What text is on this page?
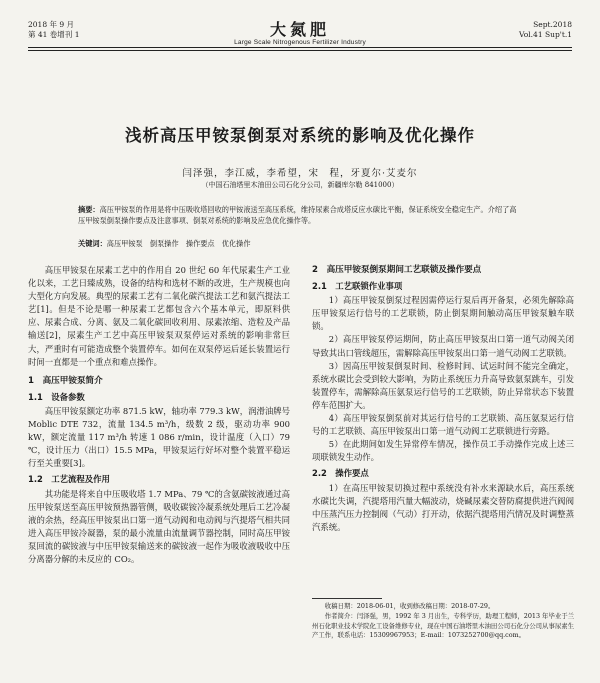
2018 年 9 月
第 41 卷增刊 1	大氮肥
Large Scale Nitrogenous Fertilizer Industry
Sept.2018
Vol.41 Sup't.1
浅析高压甲铵泵倒泵对系统的影响及优化操作
闫泽强，李江威，李希望，宋　程，牙夏尔·艾麦尔
（中国石油塔里木油田公司石化分公司，新疆库尔勒 841000）
摘要：高压甲铵泵的作用是将中压吸收塔回收的甲铵液送至高压系统，维持尿素合成塔反应水碳比平衡，保证系统安全稳定生产。介绍了高压甲铵泵倒泵操作要点及注意事项、倒泵对系统的影响及应急优化操作等。
关键词：高压甲铵泵　倒泵操作　操作要点　优化操作

高压甲铵泵在尿素工艺中的作用自 20 世纪 60 年代尿素生产工业化以来，工艺日臻成熟，设备的结构和选材不断的改进，生产规模也向大型化方向发展。典型的尿素工艺有二氧化碳汽提法工艺和氨汽提法工艺[1]。但是不论是哪一种尿素工艺都包含六个基本单元，即原料供应、尿素合成、分离、氨及二氧化碳回收利用、尿素浓缩、造粒及产品输送[2]，尿素生产工艺中高压甲铵泵双泵停运对系统的影响非常巨大，严重时有可能造成整个装置停车。如何在双泵停运后延长装置运行时间一直都是一个重点和难点操作。

1　高压甲铵泵简介
1.1　设备参数

高压甲铵泵额定功率 871.5 kW，轴功率 779.3 kW，润滑油牌号 Moblic DTE 732，流量 134.5 m³/h，级数 2 级，驱动功率 900 kW，额定流量 117 m³/h 转速 1 086 r/min，设计温度（入口）79 ℃，设计压力（出口）15.5 MPa，甲铵泵运行好坏对整个装置平稳运行至关重要[3]。

1.2　工艺流程及作用

其功能是将来自中压吸收塔 1.7 MPa、79 ℃的含氨碳铵液通过高压甲铵泵送至高压甲铵预热器管侧，吸收碳铵冷凝系统处理后工艺冷凝液的余热，经高压甲铵泵出口第一道气动阀和电动阀与汽提塔气相共同进入高压甲铵冷凝器，泵的最小流量由流量调节器控制，同时高压甲铵泵回流的碳铵液与中压甲铵泵输送来的碳铵液一起作为吸收液吸收中压分离器分解的未反应的 CO₂。

2　高压甲铵泵倒泵期间工艺联锁及操作要点
2.1　工艺联锁作业事项

1）高压甲铵泵倒泵过程因需停运行泵后再开备泵，必须先解除高压甲铵泵运行信号的工艺联锁，防止倒泵期间触动高压甲铵泵触车联锁。

2）高压甲铵泵停运期间，防止高压甲铵泵出口第一道气动阀关闭导致其出口管线超压，需解除高压甲铵泵出口第一道气动阀工艺联锁。

3）因高压甲铵泵倒泵时间、检修时间、试运时间不能完全确定，系统水碳比会受到较大影响，为防止系统压力升高导致氨泵跳车，引发装置停车，需解除高压氨泵运行信号的工艺联锁，防止异常状态下装置停车范围扩大。

4）高压甲铵泵倒泵前对其运行信号的工艺联锁、高压氨泵运行信号的工艺联锁、高压甲铵泵出口第一道气动阀工艺联锁进行旁路。

5）在此期间如发生异常停车情况，操作员工手动操作完成上述三项联锁发生动作。

2.2　操作要点

1）在高压甲铵泵切换过程中系统没有补水来源缺水后，高压系统水碳比失调，汽提塔用汽量大幅波动，烧碱尿素交替防腐提供进汽阀阀中压蒸汽压力控制阀（气动）打开动，依据汽提塔用汽情况及时调整蒸汽系统。

收稿日期：2018-06-01，收到修改稿日期：2018-07-29。

作者简介：闫泽强，男，1992 年 3 月出生，专科学历，助理工程师，2013 年毕业于兰州石化职业技术学院化工设备维修专业，现在中国石油塔里木油田公司石化分公司从事尿素生产工作，联系电话：15309967953；E-mail：1073252700@qq.com。
